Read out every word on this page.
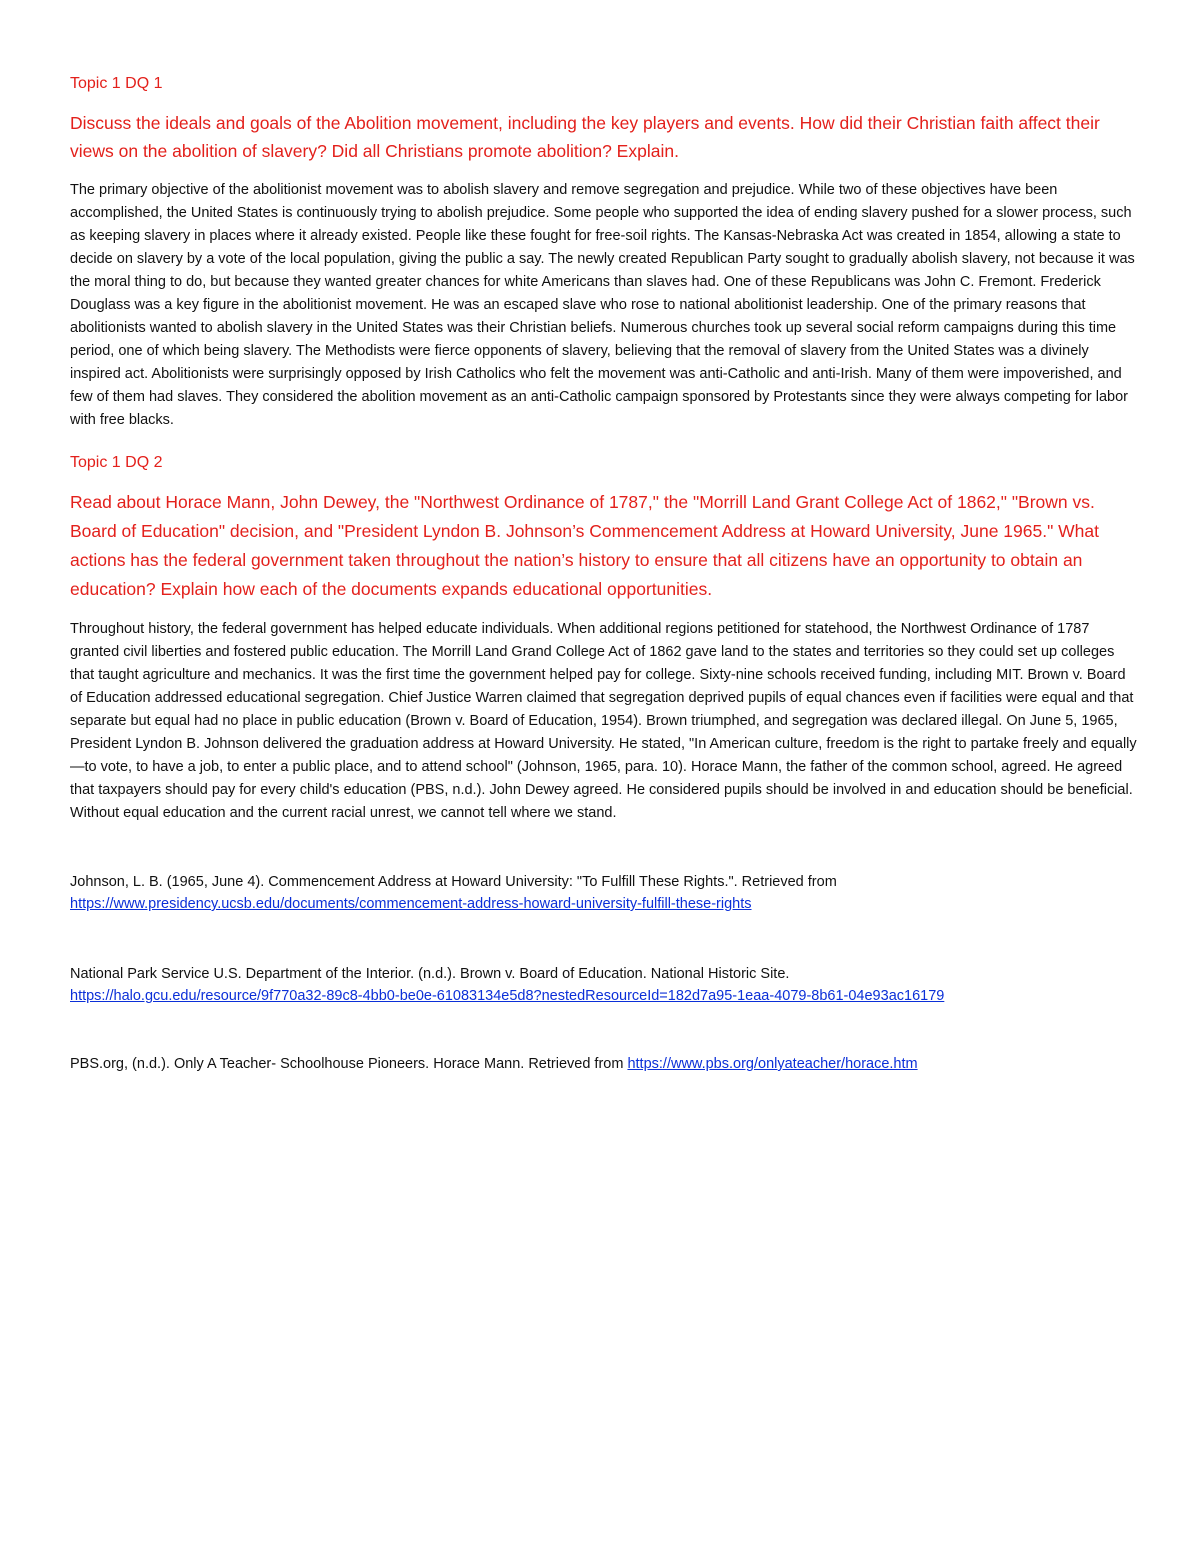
Topic 1 DQ 1

Discuss the ideals and goals of the Abolition movement, including the key players and events. How did their Christian faith affect their views on the abolition of slavery? Did all Christians promote abolition? Explain.

The primary objective of the abolitionist movement was to abolish slavery and remove segregation and prejudice. While two of these objectives have been accomplished, the United States is continuously trying to abolish prejudice. Some people who supported the idea of ending slavery pushed for a slower process, such as keeping slavery in places where it already existed. People like these fought for free-soil rights. The Kansas-Nebraska Act was created in 1854, allowing a state to decide on slavery by a vote of the local population, giving the public a say. The newly created Republican Party sought to gradually abolish slavery, not because it was the moral thing to do, but because they wanted greater chances for white Americans than slaves had. One of these Republicans was John C. Fremont. Frederick Douglass was a key figure in the abolitionist movement. He was an escaped slave who rose to national abolitionist leadership. One of the primary reasons that abolitionists wanted to abolish slavery in the United States was their Christian beliefs. Numerous churches took up several social reform campaigns during this time period, one of which being slavery. The Methodists were fierce opponents of slavery, believing that the removal of slavery from the United States was a divinely inspired act. Abolitionists were surprisingly opposed by Irish Catholics who felt the movement was anti-Catholic and anti-Irish. Many of them were impoverished, and few of them had slaves. They considered the abolition movement as an anti-Catholic campaign sponsored by Protestants since they were always competing for labor with free blacks.

Topic 1 DQ 2

Read about Horace Mann, John Dewey, the "Northwest Ordinance of 1787," the "Morrill Land Grant College Act of 1862," "Brown vs. Board of Education" decision, and "President Lyndon B. Johnson’s Commencement Address at Howard University, June 1965." What actions has the federal government taken throughout the nation’s history to ensure that all citizens have an opportunity to obtain an education? Explain how each of the documents expands educational opportunities.

Throughout history, the federal government has helped educate individuals. When additional regions petitioned for statehood, the Northwest Ordinance of 1787 granted civil liberties and fostered public education. The Morrill Land Grand College Act of 1862 gave land to the states and territories so they could set up colleges that taught agriculture and mechanics. It was the first time the government helped pay for college. Sixty-nine schools received funding, including MIT. Brown v. Board of Education addressed educational segregation. Chief Justice Warren claimed that segregation deprived pupils of equal chances even if facilities were equal and that separate but equal had no place in public education (Brown v. Board of Education, 1954). Brown triumphed, and segregation was declared illegal. On June 5, 1965, President Lyndon B. Johnson delivered the graduation address at Howard University. He stated, "In American culture, freedom is the right to partake freely and equally—to vote, to have a job, to enter a public place, and to attend school" (Johnson, 1965, para. 10). Horace Mann, the father of the common school, agreed. He agreed that taxpayers should pay for every child's education (PBS, n.d.). John Dewey agreed. He considered pupils should be involved in and education should be beneficial. Without equal education and the current racial unrest, we cannot tell where we stand.

Johnson, L. B. (1965, June 4). Commencement Address at Howard University: "To Fulfill These Rights.". Retrieved from
https://www.presidency.ucsb.edu/documents/commencement-address-howard-university-fulfill-these-rights

National Park Service U.S. Department of the Interior. (n.d.). Brown v. Board of Education. National Historic Site.
https://halo.gcu.edu/resource/9f770a32-89c8-4bb0-be0e-61083134e5d8?nestedResourceId=182d7a95-1eaa-4079-8b61-04e93ac16179

PBS.org, (n.d.). Only A Teacher- Schoolhouse Pioneers. Horace Mann. Retrieved from https://www.pbs.org/onlyateacher/horace.htm
